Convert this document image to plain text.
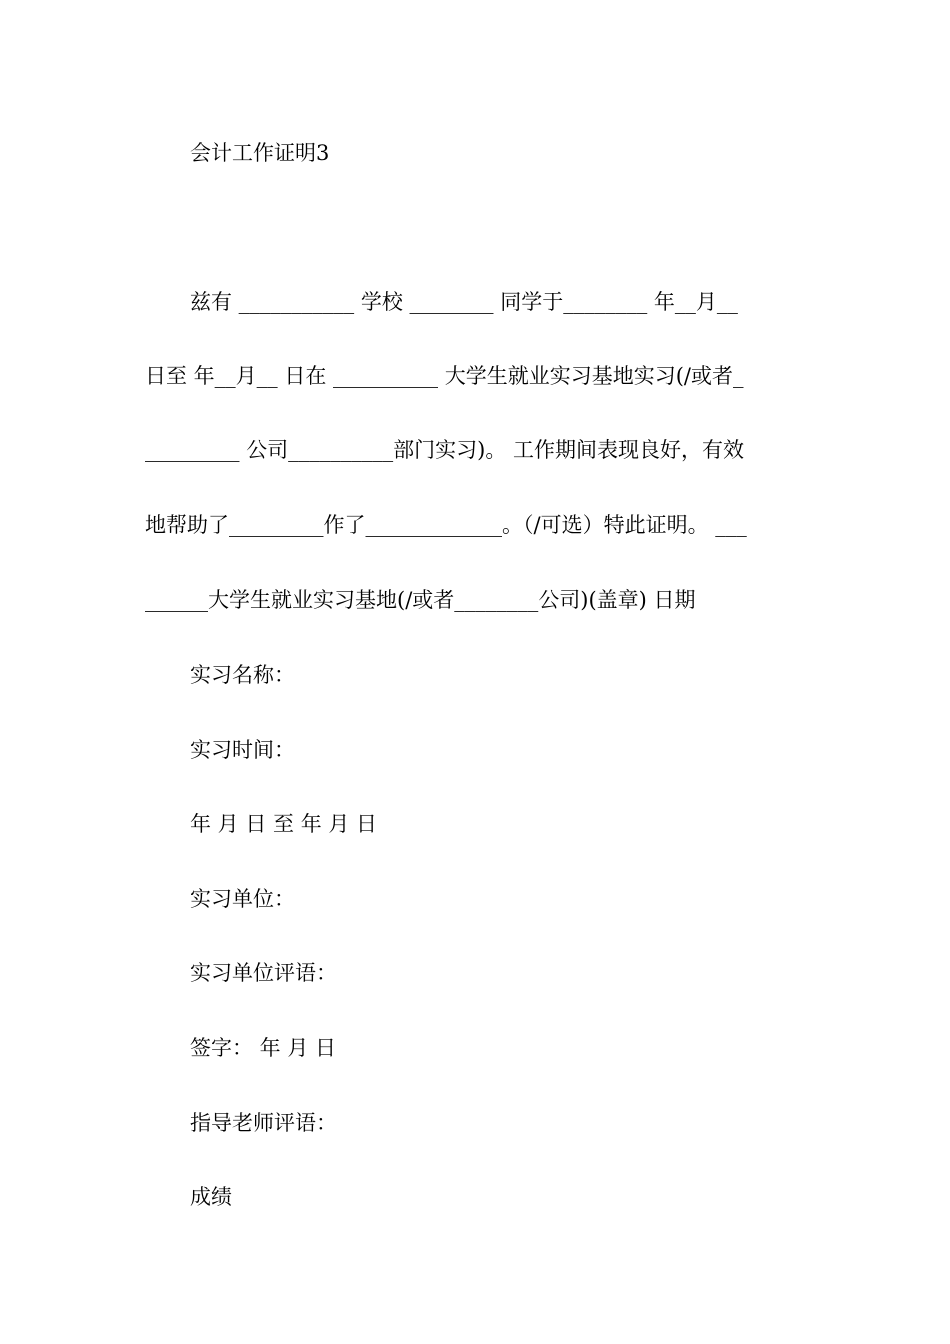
会计工作证明3
兹有 ___________ 学校 ________ 同学于________ 年__月__
日至 年__月__ 日在 __________ 大学生就业实习基地实习(/或者_
_________ 公司__________部门实习)。 工作期间表现良好，有效
地帮助了_________作了_____________。（/可选）特此证明。 ___
______大学生就业实习基地(/或者________公司)(盖章) 日期
实习名称：
实习时间：
年 月 日 至 年 月 日
实习单位：
实习单位评语：
签字： 年 月 日
指导老师评语：
成绩
